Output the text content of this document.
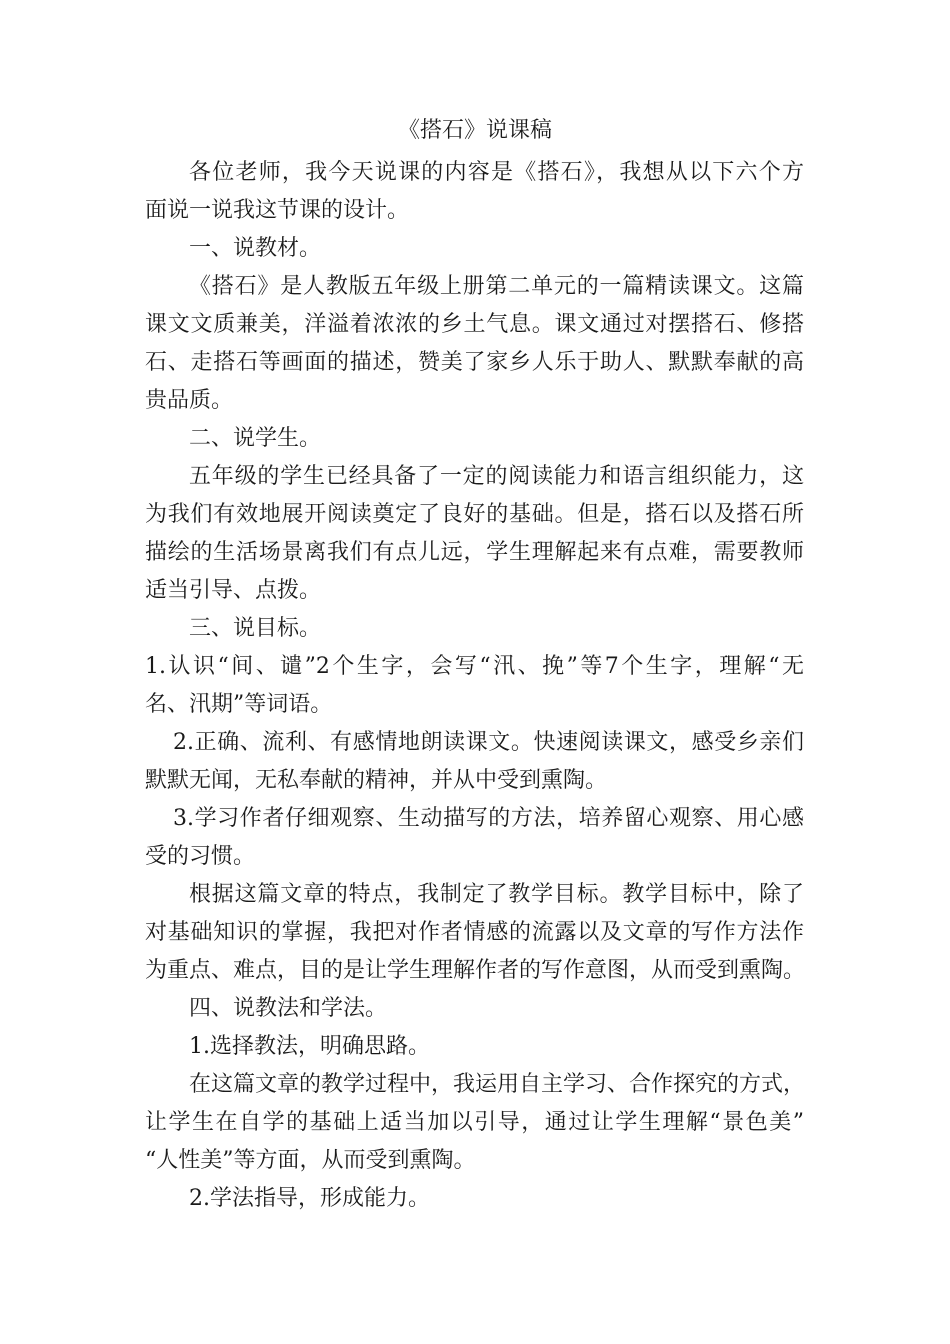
《搭石》说课稿
各位老师，我今天说课的内容是《搭石》，我想从以下六个方
面说一说我这节课的设计。
一、说教材。
《搭石》是人教版五年级上册第二单元的一篇精读课文。这篇
课文文质兼美，洋溢着浓浓的乡土气息。课文通过对摆搭石、修搭
石、走搭石等画面的描述，赞美了家乡人乐于助人、默默奉献的高
贵品质。
二、说学生。
五年级的学生已经具备了一定的阅读能力和语言组织能力，这
为我们有效地展开阅读奠定了良好的基础。但是，搭石以及搭石所
描绘的生活场景离我们有点儿远，学生理解起来有点难，需要教师
适当引导、点拨。
三、说目标。
1.认识“间、谴”2个生字，会写“汛、挽”等7个生字，理解“无
名、汛期”等词语。
2.正确、流利、有感情地朗读课文。快速阅读课文，感受乡亲们
默默无闻，无私奉献的精神，并从中受到熏陶。
3.学习作者仔细观察、生动描写的方法，培养留心观察、用心感
受的习惯。
根据这篇文章的特点，我制定了教学目标。教学目标中，除了
对基础知识的掌握，我把对作者情感的流露以及文章的写作方法作
为重点、难点，目的是让学生理解作者的写作意图，从而受到熏陶。
四、说教法和学法。
1.选择教法，明确思路。
在这篇文章的教学过程中，我运用自主学习、合作探究的方式，
让学生在自学的基础上适当加以引导，通过让学生理解“景色美”
“人性美”等方面，从而受到熏陶。
2.学法指导，形成能力。
